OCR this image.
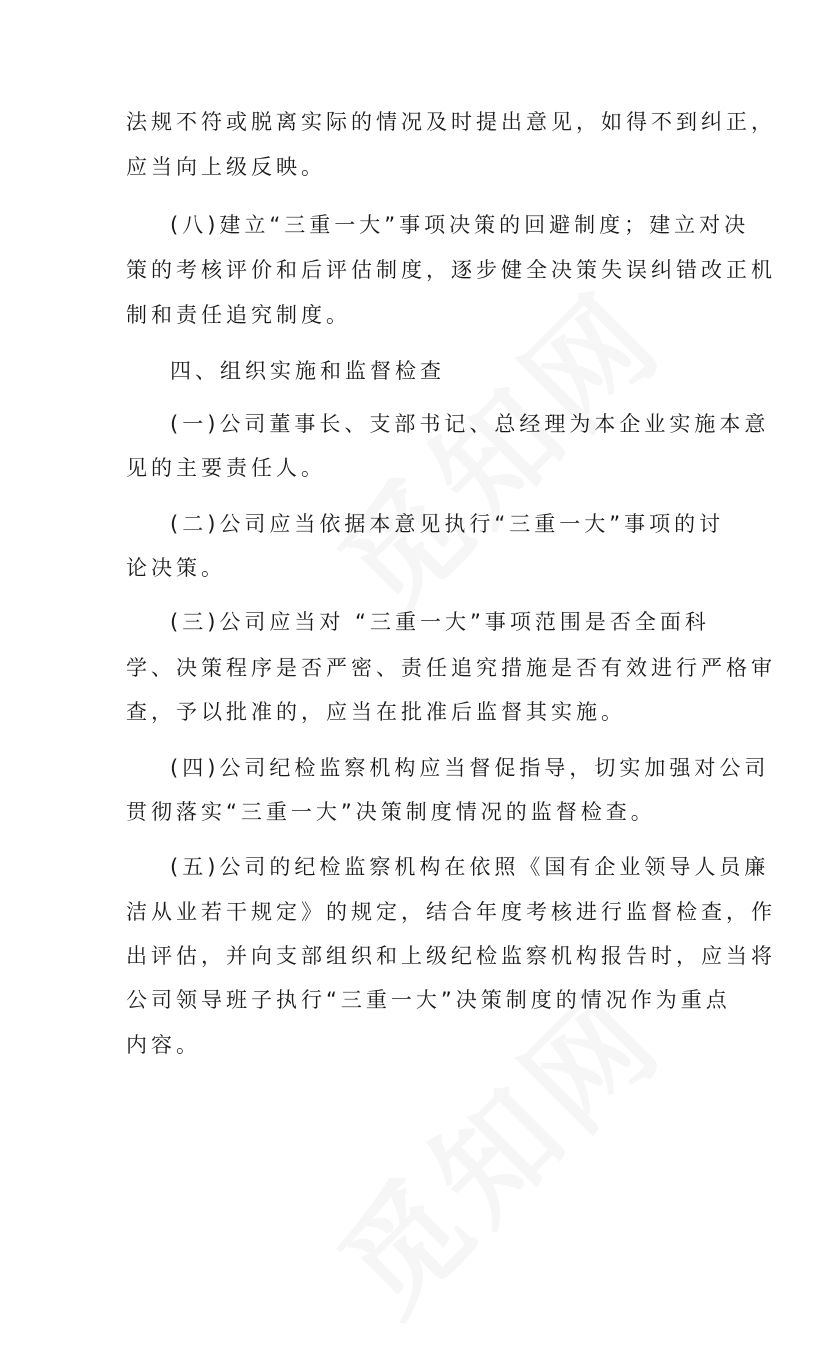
法规不符或脱离实际的情况及时提出意见，如得不到纠正，
应当向上级反映。
(八)建立“三重一大”事项决策的回避制度；建立对决
策的考核评价和后评估制度，逐步健全决策失误纠错改正机
制和责任追究制度。
四、组织实施和监督检查
(一)公司董事长、支部书记、总经理为本企业实施本意
见的主要责任人。
(二)公司应当依据本意见执行“三重一大”事项的讨
论决策。
(三)公司应当对 “三重一大”事项范围是否全面科
学、决策程序是否严密、责任追究措施是否有效进行严格审
查，予以批准的，应当在批准后监督其实施。
(四)公司纪检监察机构应当督促指导，切实加强对公司
贯彻落实“三重一大”决策制度情况的监督检查。
(五)公司的纪检监察机构在依照《国有企业领导人员廉
洁从业若干规定》的规定，结合年度考核进行监督检查，作
出评估，并向支部组织和上级纪检监察机构报告时，应当将
公司领导班子执行“三重一大”决策制度的情况作为重点
内容。
